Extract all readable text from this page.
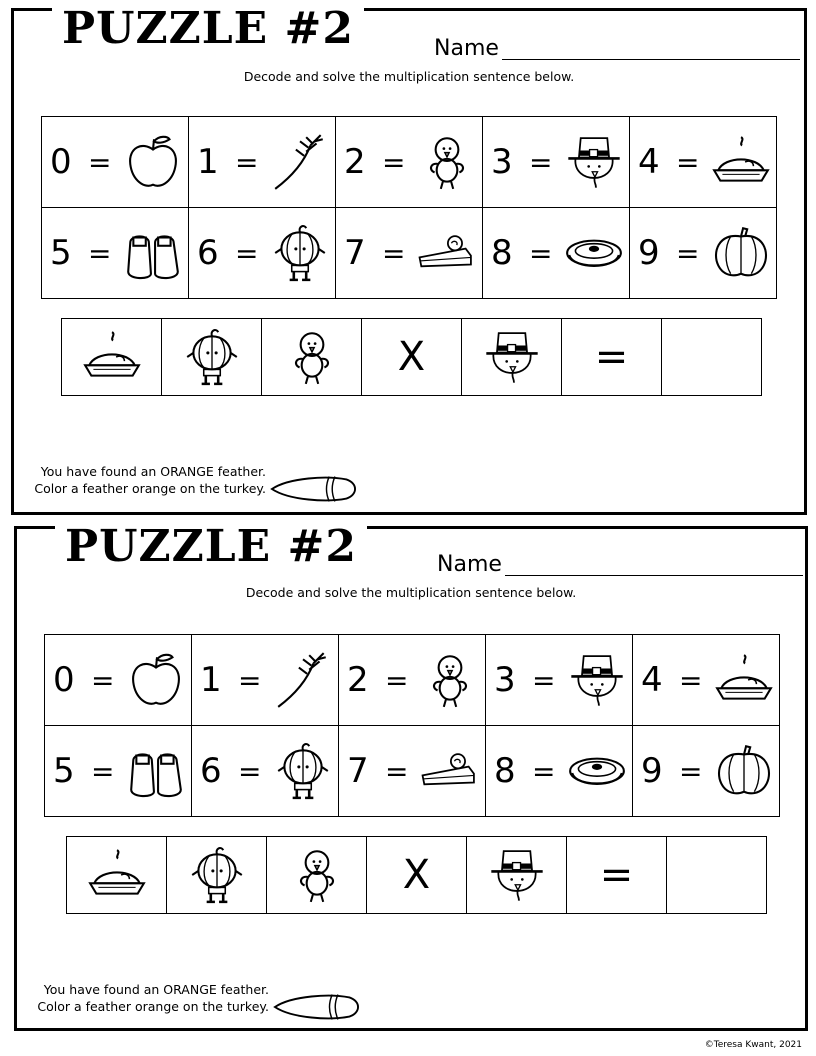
PUZZLE #2	Name
Decode and solve the multiplication sentence below.
0 =	1 =	2 =	3 =	4 =

5 =	6 =	7 =	8 =	9 =

	X		=	
You have found an ORANGE feather.
Color a feather orange on the turkey.
PUZZLE #2	Name
Decode and solve the multiplication sentence below.
0 =	1 =	2 =	3 =	4 =

5 =	6 =	7 =	8 =	9 =

	X		=	
You have found an ORANGE feather.
Color a feather orange on the turkey.
©Teresa Kwant, 2021
